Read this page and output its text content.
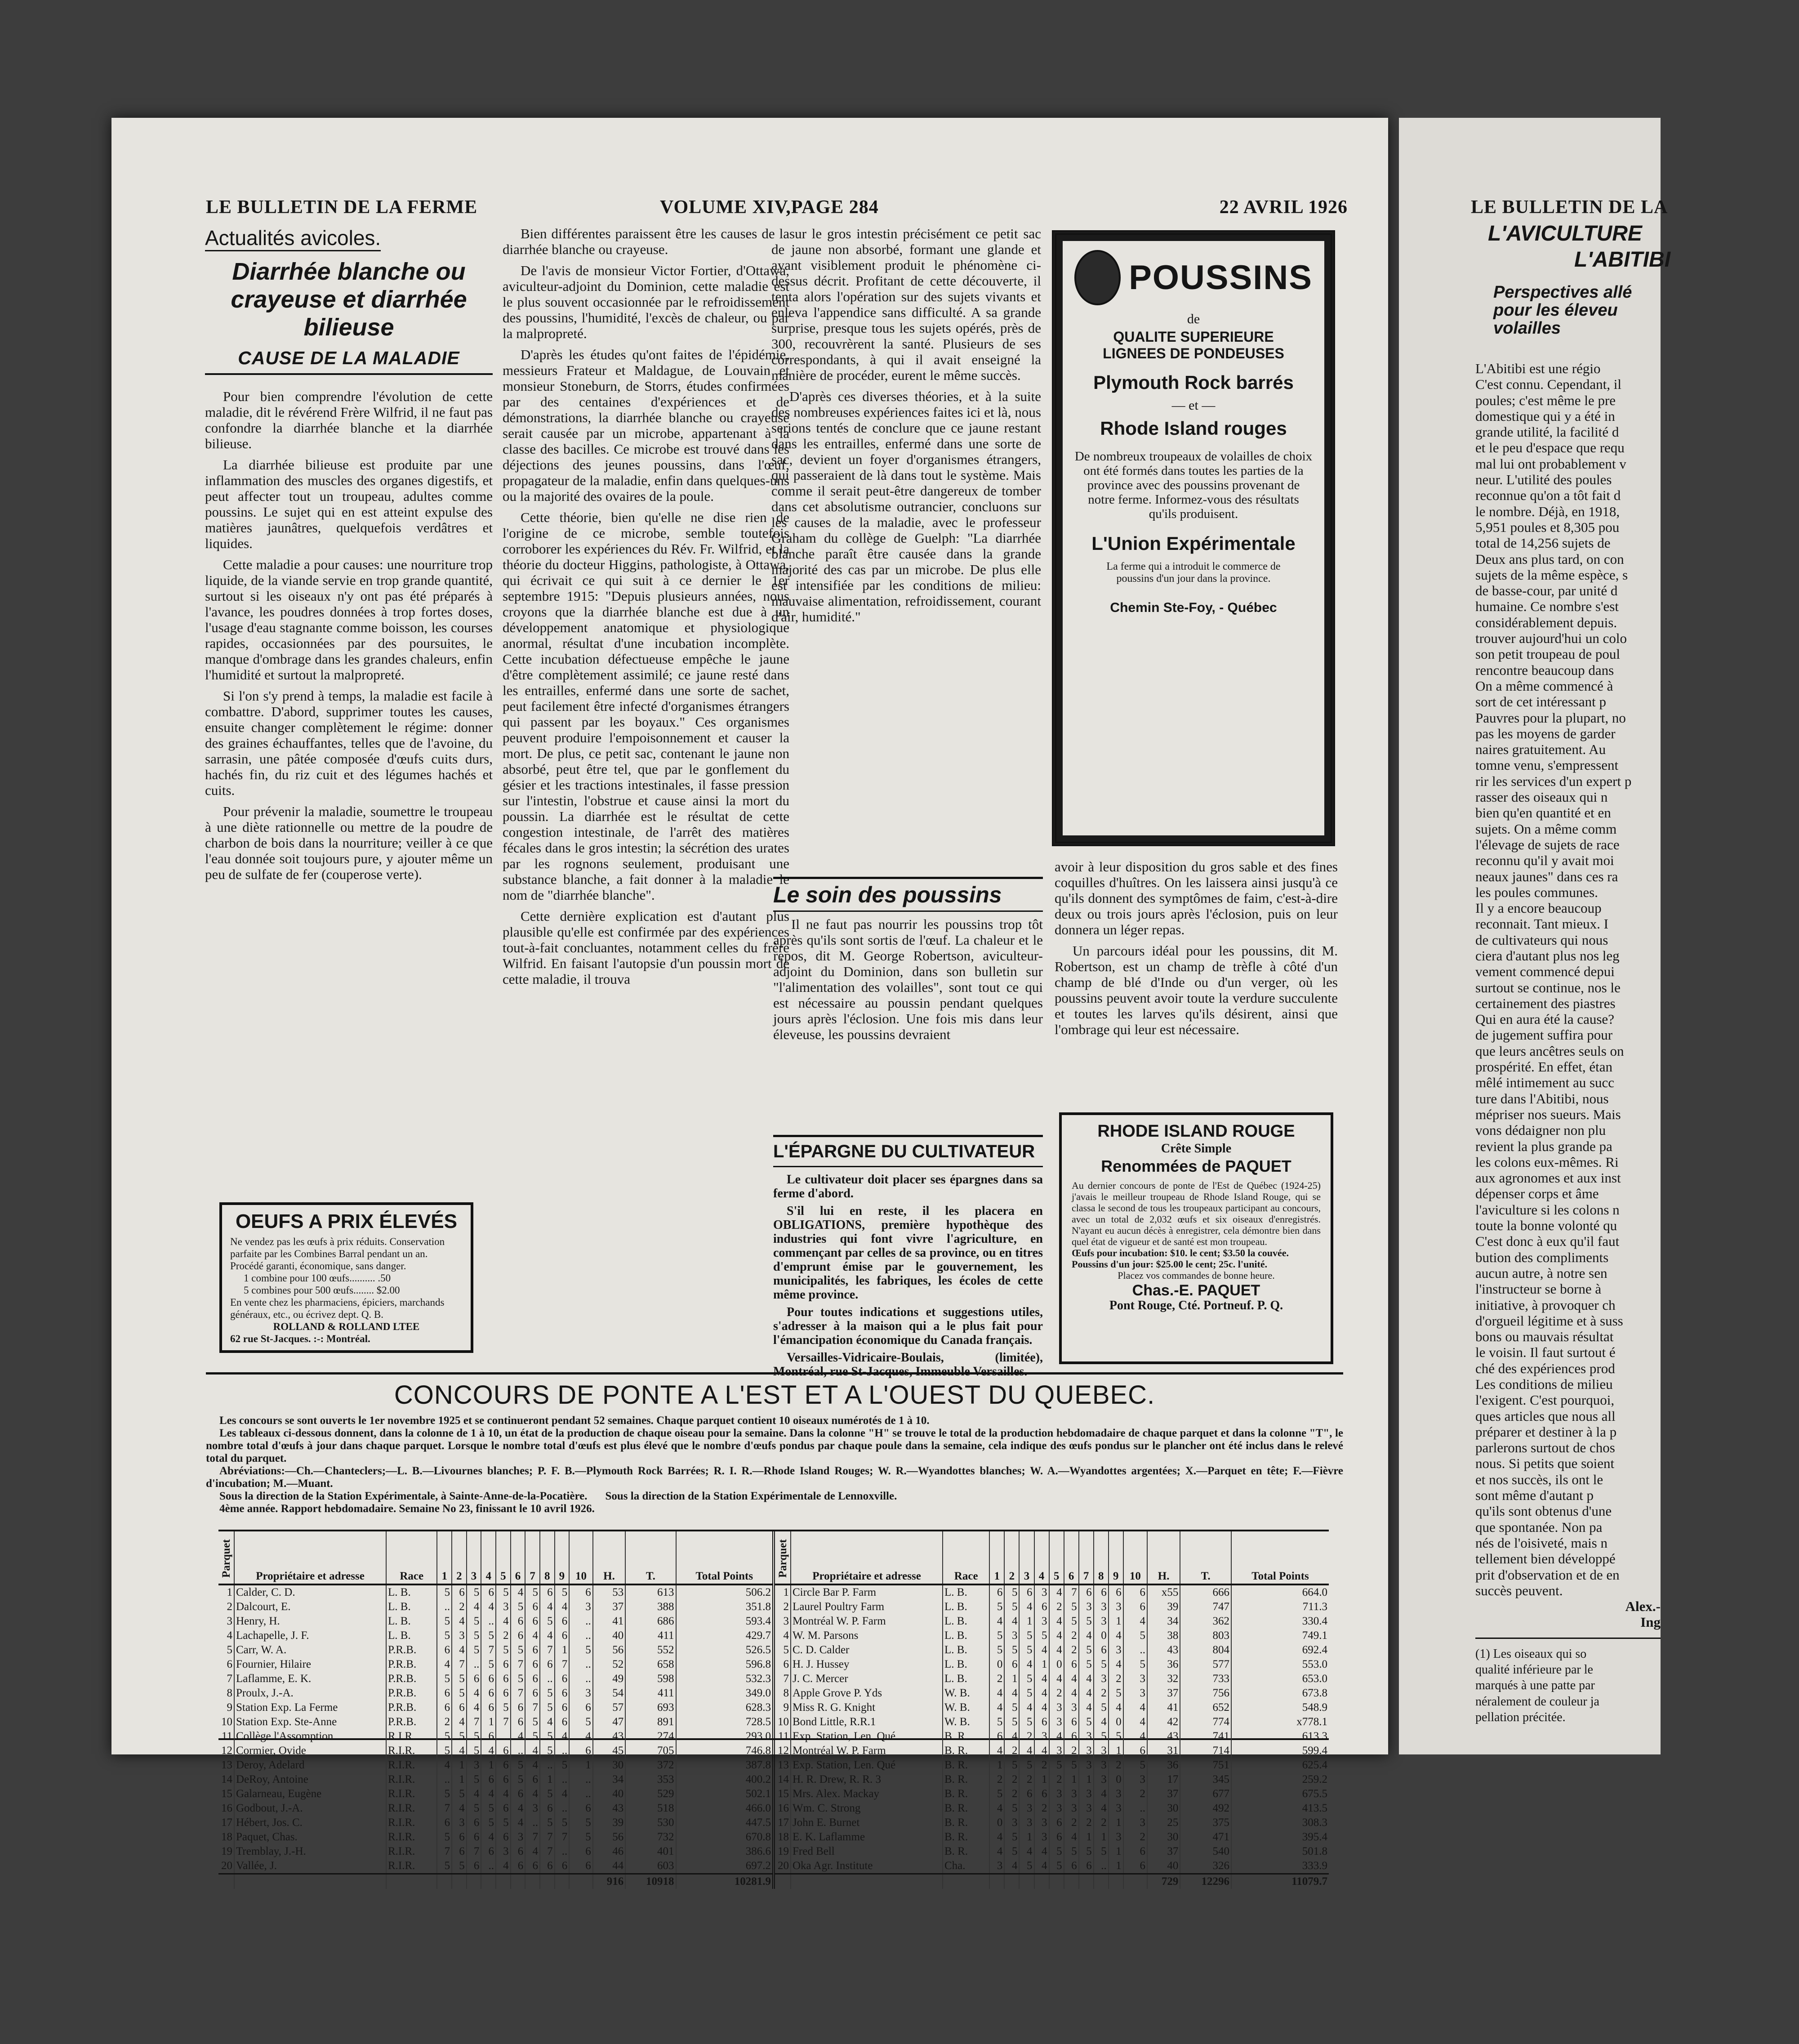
LE BULLETIN DE LA FERME	VOLUME XIV,PAGE 284	22 AVRIL 1926
Actualités avicoles.
Diarrhée blanche ou crayeuse et diarrhée bilieuse
CAUSE DE LA MALADIE

Pour bien comprendre l'évolution de cette maladie, dit le révérend Frère Wilfrid, il ne faut pas confondre la diarrhée blanche et la diarrhée bilieuse.

La diarrhée bilieuse est produite par une inflammation des muscles des organes digestifs, et peut affecter tout un troupeau, adultes comme poussins. Le sujet qui en est atteint expulse des matières jaunâtres, quelquefois verdâtres et liquides.

Cette maladie a pour causes: une nourriture trop liquide, de la viande servie en trop grande quantité, surtout si les oiseaux n'y ont pas été préparés à l'avance, les poudres données à trop fortes doses, l'usage d'eau stagnante comme boisson, les courses rapides, occasionnées par des poursuites, le manque d'ombrage dans les grandes chaleurs, enfin l'humidité et surtout la malpropreté.

Si l'on s'y prend à temps, la maladie est facile à combattre. D'abord, supprimer toutes les causes, ensuite changer complètement le régime: donner des graines échauffantes, telles que de l'avoine, du sarrasin, une pâtée composée d'œufs cuits durs, hachés fin, du riz cuit et des légumes hachés et cuits.

Pour prévenir la maladie, soumettre le troupeau à une diète rationnelle ou mettre de la poudre de charbon de bois dans la nourriture; veiller à ce que l'eau donnée soit toujours pure, y ajouter même un peu de sulfate de fer (couperose verte).

OEUFS A PRIX ÉLEVÉS
Ne vendez pas les œufs à prix réduits. Conservation parfaite par les Combines Barral pendant un an. Procédé garanti, économique, sans danger.
1 combine pour 100 œufs.......... .50
5 combines pour 500 œufs........ $2.00
En vente chez les pharmaciens, épiciers, marchands généraux, etc., ou écrivez dept. Q. B.
ROLLAND & ROLLAND LTEE
62 rue St-Jacques. :-: Montréal.

Bien différentes paraissent être les causes de la diarrhée blanche ou crayeuse.

De l'avis de monsieur Victor Fortier, d'Ottawa, aviculteur-adjoint du Dominion, cette maladie est le plus souvent occasionnée par le refroidissement des poussins, l'humidité, l'excès de chaleur, ou par la malpropreté.

D'après les études qu'ont faites de l'épidémie, messieurs Frateur et Maldague, de Louvain et monsieur Stoneburn, de Storrs, études confirmées par des centaines d'expériences et de démonstrations, la diarrhée blanche ou crayeuse serait causée par un microbe, appartenant à la classe des bacilles. Ce microbe est trouvé dans les déjections des jeunes poussins, dans l'œuf, propagateur de la maladie, enfin dans quelques-uns ou la majorité des ovaires de la poule.

Cette théorie, bien qu'elle ne dise rien de l'origine de ce microbe, semble toutefois corroborer les expériences du Rév. Fr. Wilfrid, et la théorie du docteur Higgins, pathologiste, à Ottawa, qui écrivait ce qui suit à ce dernier le 1er septembre 1915: "Depuis plusieurs années, nous croyons que la diarrhée blanche est due à un développement anatomique et physiologique anormal, résultat d'une incubation incomplète. Cette incubation défectueuse empêche le jaune d'être complètement assimilé; ce jaune resté dans les entrailles, enfermé dans une sorte de sachet, peut facilement être infecté d'organismes étrangers qui passent par les boyaux." Ces organismes peuvent produire l'empoisonnement et causer la mort. De plus, ce petit sac, contenant le jaune non absorbé, peut être tel, que par le gonflement du gésier et les tractions intestinales, il fasse pression sur l'intestin, l'obstrue et cause ainsi la mort du poussin. La diarrhée est le résultat de cette congestion intestinale, de l'arrêt des matières fécales dans le gros intestin; la sécrétion des urates par les rognons seulement, produisant une substance blanche, a fait donner à la maladie le nom de "diarrhée blanche".

Cette dernière explication est d'autant plus plausible qu'elle est confirmée par des expériences tout-à-fait concluantes, notamment celles du frère Wilfrid. En faisant l'autopsie d'un poussin mort de cette maladie, il trouva

sur le gros intestin précisément ce petit sac de jaune non absorbé, formant une glande et ayant visiblement produit le phénomène ci-dessus décrit. Profitant de cette découverte, il tenta alors l'opération sur des sujets vivants et enleva l'appendice sans difficulté. A sa grande surprise, presque tous les sujets opérés, près de 300, recouvrèrent la santé. Plusieurs de ses correspondants, à qui il avait enseigné la manière de procéder, eurent le même succès.

D'après ces diverses théories, et à la suite des nombreuses expériences faites ici et là, nous serions tentés de conclure que ce jaune restant dans les entrailles, enfermé dans une sorte de sac, devient un foyer d'organismes étrangers, qui passeraient de là dans tout le système. Mais comme il serait peut-être dangereux de tomber dans cet absolutisme outrancier, concluons sur les causes de la maladie, avec le professeur Graham du collège de Guelph: "La diarrhée blanche paraît être causée dans la grande majorité des cas par un microbe. De plus elle est intensifiée par les conditions de milieu: mauvaise alimentation, refroidissement, courant d'air, humidité."

POUSSINS
de
QUALITE SUPERIEURE
LIGNEES DE PONDEUSES
Plymouth Rock barrés
— et —
Rhode Island rouges
De nombreux troupeaux de volailles de choix ont été formés dans toutes les parties de la province avec des poussins provenant de notre ferme. Informez-vous des résultats qu'ils produisent.
L'Union Expérimentale
La ferme qui a introduit le commerce de poussins d'un jour dans la province.
Chemin Ste-Foy, - Québec
Le soin des poussins

Il ne faut pas nourrir les poussins trop tôt après qu'ils sont sortis de l'œuf. La chaleur et le repos, dit M. George Robertson, aviculteur-adjoint du Dominion, dans son bulletin sur "l'alimentation des volailles", sont tout ce qui est nécessaire au poussin pendant quelques jours après l'éclosion. Une fois mis dans leur éleveuse, les poussins devraient

avoir à leur disposition du gros sable et des fines coquilles d'huîtres. On les laissera ainsi jusqu'à ce qu'ils donnent des symptômes de faim, c'est-à-dire deux ou trois jours après l'éclosion, puis on leur donnera un léger repas.

Un parcours idéal pour les poussins, dit M. Robertson, est un champ de trèfle à côté d'un champ de blé d'Inde ou d'un verger, où les poussins peuvent avoir toute la verdure succulente et toutes les larves qu'ils désirent, ainsi que l'ombrage qui leur est nécessaire.

L'ÉPARGNE DU CULTIVATEUR

Le cultivateur doit placer ses épargnes dans sa ferme d'abord.

S'il lui en reste, il les placera en OBLIGATIONS, première hypothèque des industries qui font vivre l'agriculture, en commençant par celles de sa province, ou en titres d'emprunt émise par le gouvernement, les municipalités, les fabriques, les écoles de cette même province.

Pour toutes indications et suggestions utiles, s'adresser à la maison qui a le plus fait pour l'émancipation économique du Canada français.

Versailles-Vidricaire-Boulais, (limitée), Montréal, rue St-Jacques, Immeuble Versailles.

RHODE ISLAND ROUGE
Crête Simple
Renommées de PAQUET
Au dernier concours de ponte de l'Est de Québec (1924-25) j'avais le meilleur troupeau de Rhode Island Rouge, qui se classa le second de tous les troupeaux participant au concours, avec un total de 2,032 œufs et six oiseaux d'enregistrés. N'ayant eu aucun décès à enregistrer, cela démontre bien dans quel état de vigueur et de santé est mon troupeau.
Œufs pour incubation: $10. le cent; $3.50 la couvée.
Poussins d'un jour: $25.00 le cent; 25c. l'unité.
Placez vos commandes de bonne heure.
Chas.-E. PAQUET
Pont Rouge, Cté. Portneuf. P. Q.
CONCOURS DE PONTE A L'EST ET A L'OUEST DU QUEBEC.
Les concours se sont ouverts le 1er novembre 1925 et se continueront pendant 52 semaines. Chaque parquet contient 10 oiseaux numérotés de 1 à 10.
Les tableaux ci-dessous donnent, dans la colonne de 1 à 10, un état de la production de chaque oiseau pour la semaine. Dans la colonne "H" se trouve le total de la production hebdomadaire de chaque parquet et dans la colonne "T", le nombre total d'œufs à jour dans chaque parquet. Lorsque le nombre total d'œufs est plus élevé que le nombre d'œufs pondus par chaque poule dans la semaine, cela indique des œufs pondus sur le plancher ont été inclus dans le relevé total du parquet.
Abréviations:—Ch.—Chanteclers;—L. B.—Livournes blanches; P. F. B.—Plymouth Rock Barrées; R. I. R.—Rhode Island Rouges; W. R.—Wyandottes blanches; W. A.—Wyandottes argentées; X.—Parquet en tête; F.—Fièvre d'incubation; M.—Muant.
Sous la direction de la Station Expérimentale, à Sainte-Anne-de-la-Pocatière. Sous la direction de la Station Expérimentale de Lennoxville.
4ème année. Rapport hebdomadaire. Semaine No 23, finissant le 10 avril 1926.
Parquet	Propriétaire et adresse	Race	1	2	3	4	5	6	7	8	9	10	H.	T.	Total Points
1	Calder, C. D.	L. B.	5	6	5	6	5	4	5	6	5	6	53	613	506.2
2	Dalcourt, E.	L. B.	..	2	4	4	3	5	6	4	4	3	37	388	351.8
3	Henry, H.	L. B.	5	4	5	..	4	6	6	5	6	..	41	686	593.4
4	Lachapelle, J. F.	L. B.	5	3	5	5	2	6	4	4	6	..	40	411	429.7
5	Carr, W. A.	P.R.B.	6	4	5	7	5	5	6	7	1	5	56	552	526.5
6	Fournier, Hilaire	P.R.B.	4	7	..	5	6	7	6	6	7	..	52	658	596.8
7	Laflamme, E. K.	P.R.B.	5	5	6	6	6	5	6	..	6	..	49	598	532.3
8	Proulx, J.-A.	P.R.B.	6	5	4	6	6	7	6	5	6	3	54	411	349.0
9	Station Exp. La Ferme	P.R.B.	6	6	4	6	5	6	7	5	6	6	57	693	628.3
10	Station Exp. Ste-Anne	P.R.B.	2	4	7	1	7	6	5	4	6	5	47	891	728.5
11	Collège l'Assomption	R.I.R.	5	5	5	6	..	4	5	5	4	4	43	274	293.0
12	Cormier, Ovide	R.I.R.	5	4	5	4	6	..	4	5	..	6	45	705	746.8
13	Deroy, Adelard	R.I.R.	4	1	3	1	6	5	4	..	5	1	30	372	387.8
14	DeRoy, Antoine	R.I.R.	..	1	5	6	6	5	6	1	..	..	34	353	400.2
15	Galarneau, Eugène	R.I.R.	5	5	4	4	4	6	4	5	4	..	40	529	502.1
16	Godbout, J.-A.	R.I.R.	7	4	5	5	6	4	3	6	..	6	43	518	466.0
17	Hébert, Jos. C.	R.I.R.	6	3	6	5	5	4	..	5	5	5	39	530	447.5
18	Paquet, Chas.	R.I.R.	5	6	6	4	6	3	7	7	7	5	56	732	670.8
19	Tremblay, J.-H.	R.I.R.	7	6	7	6	3	6	4	7	..	6	46	401	386.6
20	Vallée, J.	R.I.R.	5	5	6	..	4	6	6	6	6	6	44	603	697.2
													916	10918	10281.9
Parquet	Propriétaire et adresse	Race	1	2	3	4	5	6	7	8	9	10	H.	T.	Total Points
1	Circle Bar P. Farm	L. B.	6	5	6	3	4	7	6	6	6	6	x55	666	664.0
2	Laurel Poultry Farm	L. B.	5	5	4	6	2	5	3	3	3	6	39	747	711.3
3	Montréal W. P. Farm	L. B.	4	4	1	3	4	5	5	3	1	4	34	362	330.4
4	W. M. Parsons	L. B.	5	3	5	5	4	2	4	0	4	5	38	803	749.1
5	C. D. Calder	L. B.	5	5	5	4	4	2	5	6	3	..	43	804	692.4
6	H. J. Hussey	L. B.	0	6	4	1	0	6	5	5	4	5	36	577	553.0
7	J. C. Mercer	L. B.	2	1	5	4	4	4	4	3	2	3	32	733	653.0
8	Apple Grove P. Yds	W. B.	4	4	5	4	2	4	4	2	5	3	37	756	673.8
9	Miss R. G. Knight	W. B.	4	5	4	4	3	3	4	5	4	4	41	652	548.9
10	Bond Little, R.R.1	W. B.	5	5	5	6	3	6	5	4	0	4	42	774	x778.1
11	Exp. Station, Len. Qué	B. R.	6	4	2	3	4	6	3	5	5	4	43	741	613.3
12	Montréal W. P. Farm	B. R.	4	2	4	4	3	2	3	3	1	6	31	714	599.4
13	Exp. Station, Len. Qué	B. R.	1	5	5	2	5	5	3	3	2	5	36	751	625.4
14	H. R. Drew, R. R. 3	B. R.	2	2	2	1	2	1	1	3	0	3	17	345	259.2
15	Mrs. Alex. Mackay	B. R.	5	2	6	6	3	3	3	4	3	2	37	677	675.5
16	Wm. C. Strong	B. R.	4	5	3	2	3	3	3	4	3	..	30	492	413.5
17	John E. Burnet	B. R.	0	3	3	3	6	2	2	2	1	3	25	375	308.3
18	E. K. Laflamme	B. R.	4	5	1	3	6	4	1	1	3	2	30	471	395.4
19	Fred Bell	B. R.	4	5	4	4	5	5	5	5	1	6	37	540	501.8
20	Oka Agr. Institute	Cha.	3	4	5	4	5	6	6	..	1	6	40	326	333.9
													729	12296	11079.7
LE BULLETIN DE LA
L'AVICULTURE
L'ABITIBI
Perspectives allé pour les éleveu volailles
L'Abitibi est une régio
C'est connu. Cependant, il
poules; c'est même le pre
domestique qui y a été in
grande utilité, la facilité d
et le peu d'espace que requ
mal lui ont probablement v
neur. L'utilité des poules
reconnue qu'on a tôt fait d
le nombre. Déjà, en 1918,
5,951 poules et 8,305 pou
total de 14,256 sujets de
Deux ans plus tard, on con
sujets de la même espèce, s
de basse-cour, par unité d
humaine. Ce nombre s'est
considérablement depuis.
trouver aujourd'hui un colo
son petit troupeau de poul
rencontre beaucoup dans
On a même commencé à
sort de cet intéressant p
Pauvres pour la plupart, no
pas les moyens de garder
naires gratuitement. Au
tomne venu, s'empressent
rir les services d'un expert p
rasser des oiseaux qui n
bien qu'en quantité et en
sujets. On a même comm
l'élevage de sujets de race
reconnu qu'il y avait moi
neaux jaunes" dans ces ra
les poules communes.
Il y a encore beaucoup
reconnait. Tant mieux. I
de cultivateurs qui nous
ciera d'autant plus nos leg
vement commencé depui
surtout se continue, nos le
certainement des piastres
Qui en aura été la cause?
de jugement suffira pour
que leurs ancêtres seuls on
prospérité. En effet, étan
mêlé intimement au succ
ture dans l'Abitibi, nous
mépriser nos sueurs. Mais
vons dédaigner non plu
revient la plus grande pa
les colons eux-mêmes. Ri
aux agronomes et aux inst
dépenser corps et âme
l'aviculture si les colons n
toute la bonne volonté qu
C'est donc à eux qu'il faut
bution des compliments
aucun autre, à notre sen
l'instructeur se borne à
initiative, à provoquer ch
d'orgueil légitime et à suss
bons ou mauvais résultat
le voisin. Il faut surtout é
ché des expériences prod
Les conditions de milieu
l'exigent. C'est pourquoi,
ques articles que nous all
préparer et destiner à la p
parlerons surtout de chos
nous. Si petits que soient
et nos succès, ils ont le
sont même d'autant p
qu'ils sont obtenus d'une
que spontanée. Non pa
nés de l'oisiveté, mais n
tellement bien développé
prit d'observation et de en
succès peuvent.
Alex.-
Ing
(1) Les oiseaux qui so
qualité inférieure par le
marqués à une patte par
néralement de couleur ja
pellation précitée.
